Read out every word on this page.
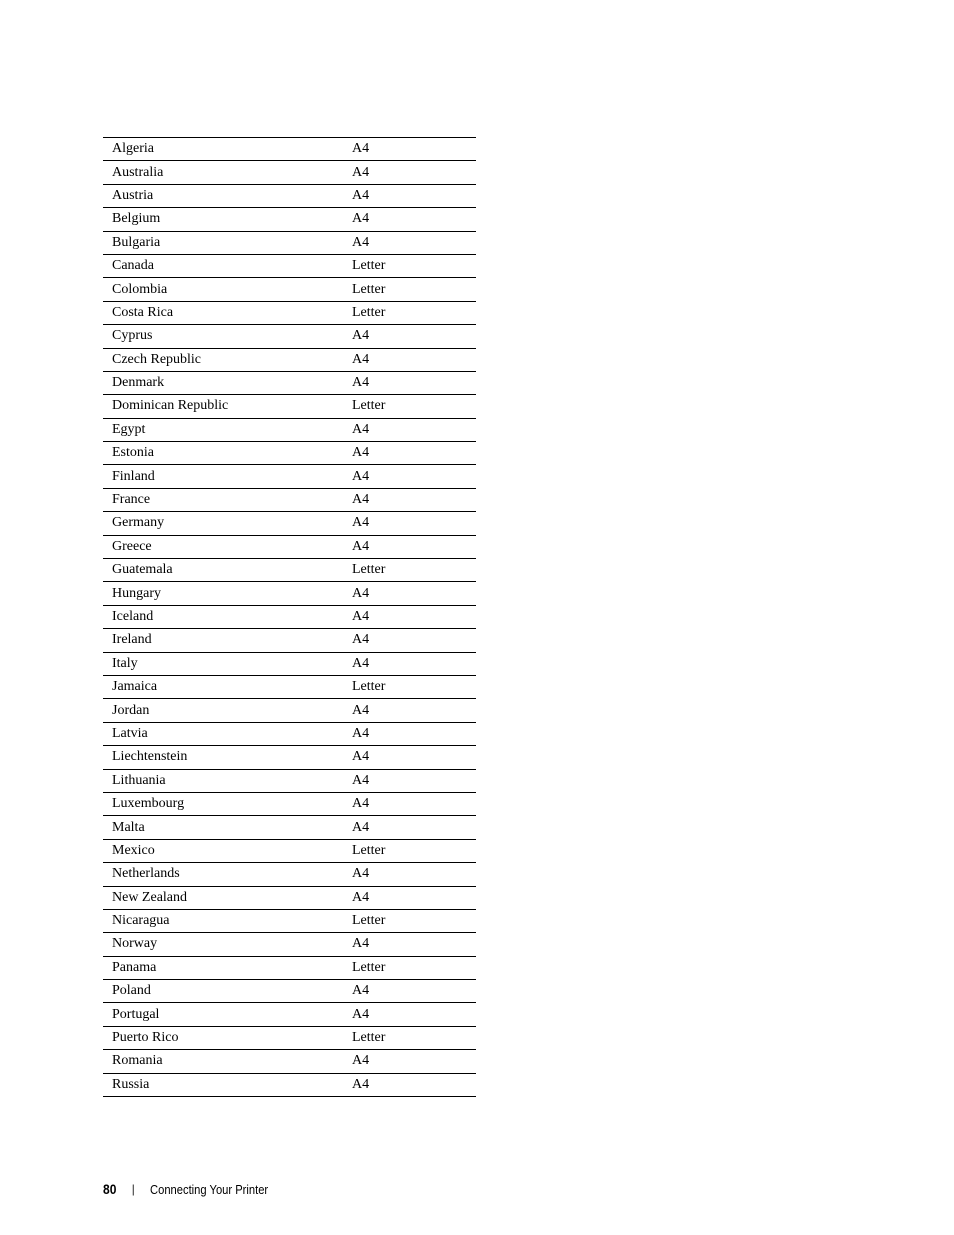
Algeria	A4
Australia	A4
Austria	A4
Belgium	A4
Bulgaria	A4
Canada	Letter
Colombia	Letter
Costa Rica	Letter
Cyprus	A4
Czech Republic	A4
Denmark	A4
Dominican Republic	Letter
Egypt	A4
Estonia	A4
Finland	A4
France	A4
Germany	A4
Greece	A4
Guatemala	Letter
Hungary	A4
Iceland	A4
Ireland	A4
Italy	A4
Jamaica	Letter
Jordan	A4
Latvia	A4
Liechtenstein	A4
Lithuania	A4
Luxembourg	A4
Malta	A4
Mexico	Letter
Netherlands	A4
New Zealand	A4
Nicaragua	Letter
Norway	A4
Panama	Letter
Poland	A4
Portugal	A4
Puerto Rico	Letter
Romania	A4
Russia	A4
80 | Connecting Your Printer
